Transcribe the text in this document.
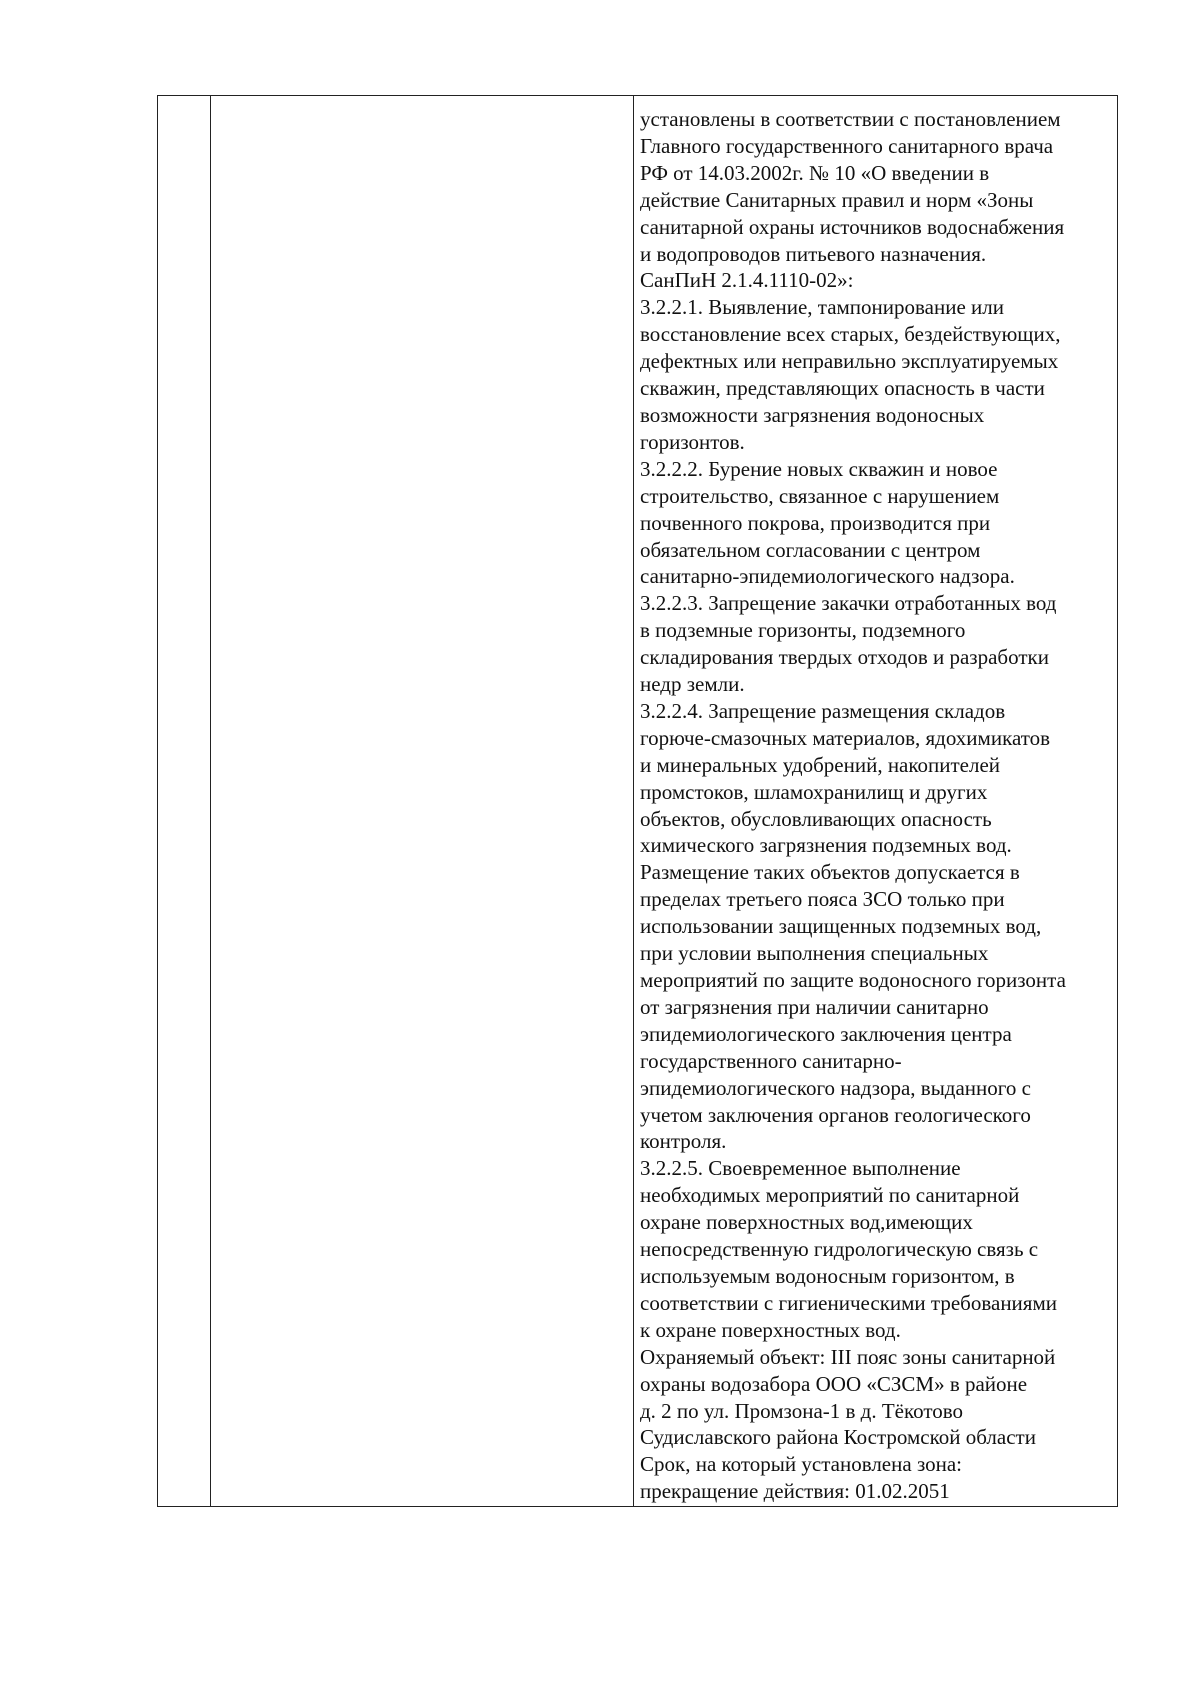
установлены в соответствии с постановлением
Главного государственного санитарного врача
РФ от 14.03.2002г. № 10 «О введении в
действие Санитарных правил и норм «Зоны
санитарной охраны источников водоснабжения
и водопроводов питьевого назначения.
СанПиН 2.1.4.1110-02»:
3.2.2.1. Выявление, тампонирование или
восстановление всех старых, бездействующих,
дефектных или неправильно эксплуатируемых
скважин, представляющих опасность в части
возможности загрязнения водоносных
горизонтов.
3.2.2.2. Бурение новых скважин и новое
строительство, связанное с нарушением
почвенного покрова, производится при
обязательном согласовании с центром
санитарно-эпидемиологического надзора.
3.2.2.3. Запрещение закачки отработанных вод
в подземные горизонты, подземного
складирования твердых отходов и разработки
недр земли.
3.2.2.4. Запрещение размещения складов
горюче-смазочных материалов, ядохимикатов
и минеральных удобрений, накопителей
промстоков, шламохранилищ и других
объектов, обусловливающих опасность
химического загрязнения подземных вод.
Размещение таких объектов допускается в
пределах третьего пояса ЗСО только при
использовании защищенных подземных вод,
при условии выполнения специальных
мероприятий по защите водоносного горизонта
от загрязнения при наличии санитарно
эпидемиологического заключения центра
государственного санитарно-
эпидемиологического надзора, выданного с
учетом заключения органов геологического
контроля.
3.2.2.5. Своевременное выполнение
необходимых мероприятий по санитарной
охране поверхностных вод,имеющих
непосредственную гидрологическую связь с
используемым водоносным горизонтом, в
соответствии с гигиеническими требованиями
к охране поверхностных вод.
Охраняемый объект: III пояс зоны санитарной
охраны водозабора ООО «СЗСМ» в районе
д. 2 по ул. Промзона-1 в д. Тёкотово
Судиславского района Костромской области
Срок, на который установлена зона:
прекращение действия: 01.02.2051
